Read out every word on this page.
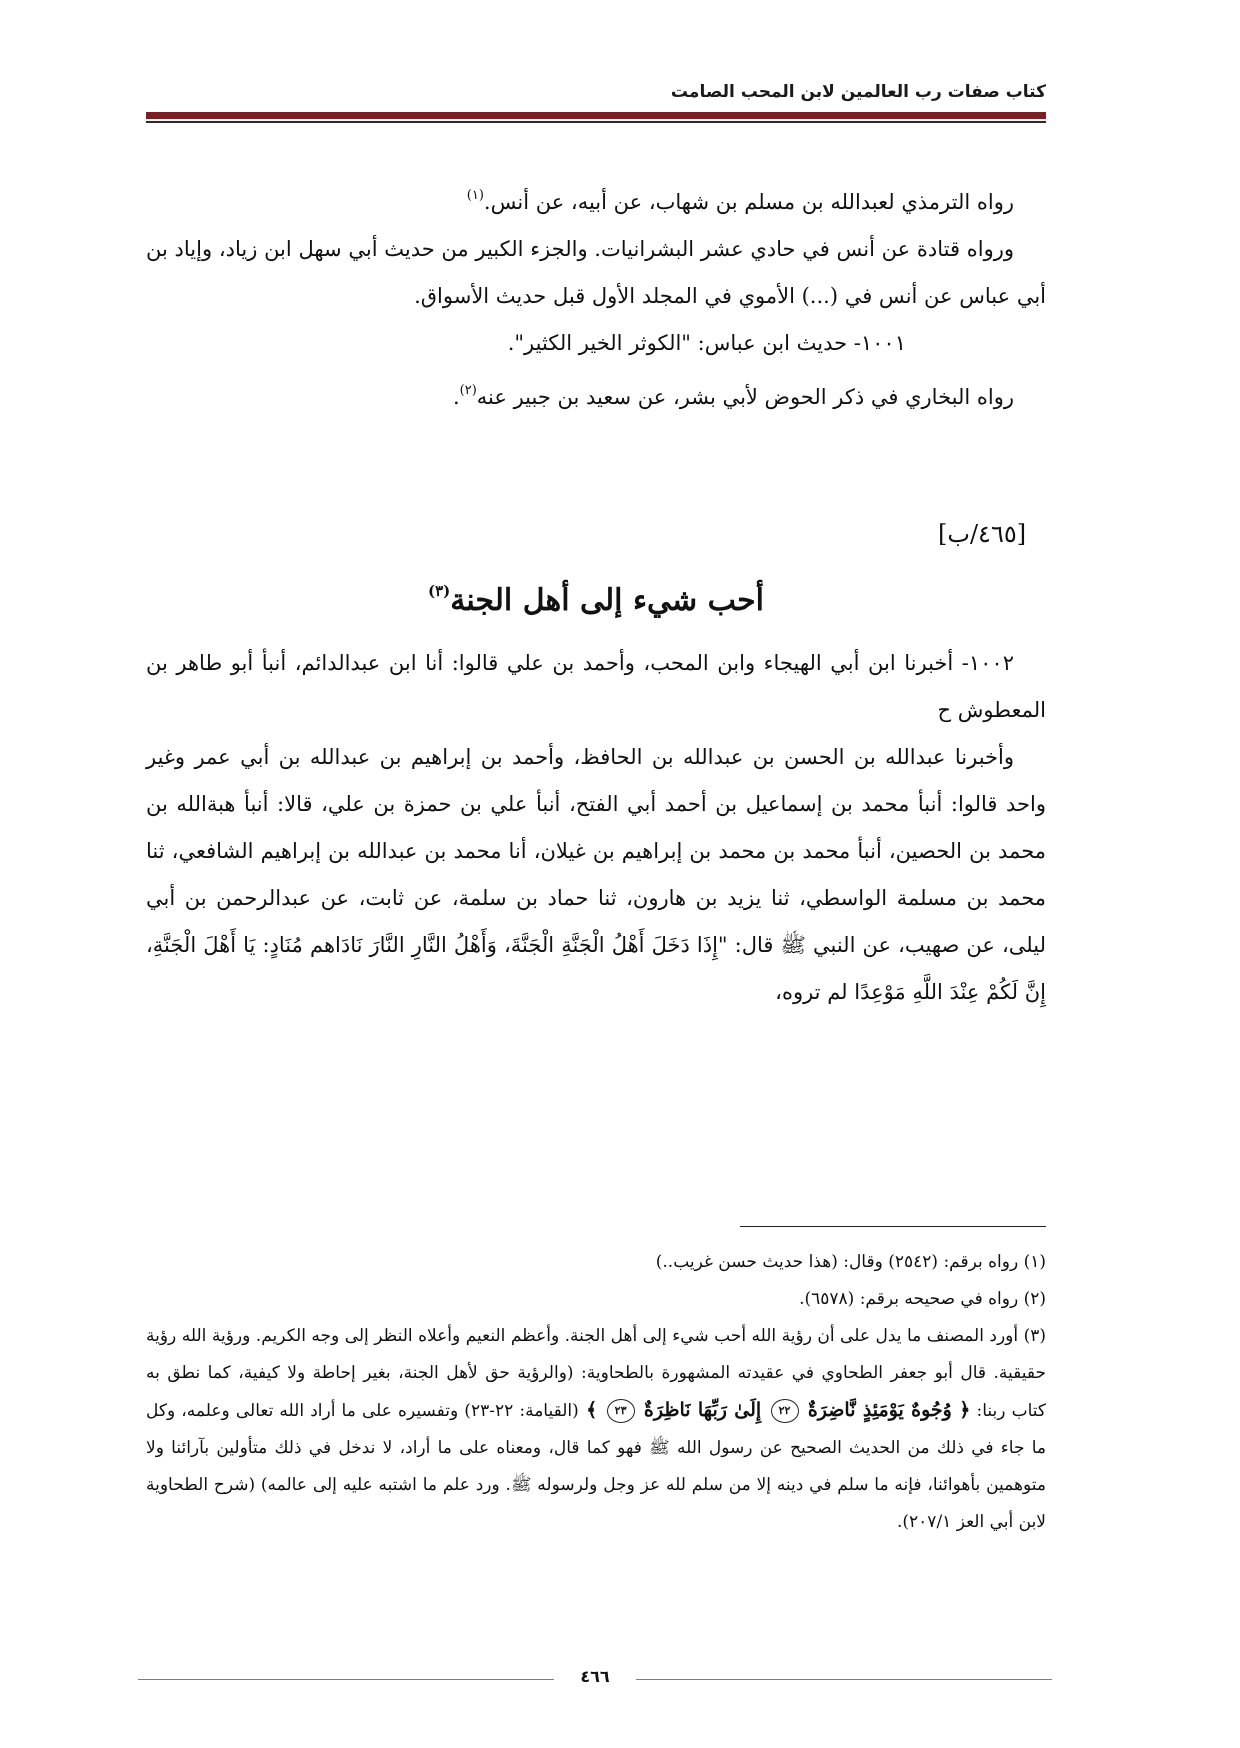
كتاب صفات رب العالمين لابن المحب الصامت

رواه الترمذي لعبدالله بن مسلم بن شهاب، عن أبيه، عن أنس.$^{(١)}$

ورواه قتادة عن أنس في حادي عشر البشرانيات. والجزء الكبير من حديث أبي سهل ابن زياد، وإياد بن أبي عباس عن أنس في (...) الأموي في المجلد الأول قبل حديث الأسواق.

١٠٠١- حديث ابن عباس: "الكوثر الخير الكثير".

رواه البخاري في ذكر الحوض لأبي بشر، عن سعيد بن جبير عنه$^{(٢)}$.

[٤٦٥/ب]
أحب شيء إلى أهل الجنة$^{(٣)}$

١٠٠٢- أخبرنا ابن أبي الهيجاء وابن المحب، وأحمد بن علي قالوا: أنا ابن عبدالدائم، أنبأ أبو طاهر بن المعطوش ح

وأخبرنا عبدالله بن الحسن بن عبدالله بن الحافظ، وأحمد بن إبراهيم بن عبدالله بن أبي عمر وغير واحد قالوا: أنبأ محمد بن إسماعيل بن أحمد أبي الفتح، أنبأ علي بن حمزة بن علي، قالا: أنبأ هبةالله بن محمد بن الحصين، أنبأ محمد بن محمد بن إبراهيم بن غيلان، أنا محمد بن عبدالله بن إبراهيم الشافعي، ثنا محمد بن مسلمة الواسطي، ثنا يزيد بن هارون، ثنا حماد بن سلمة، عن ثابت، عن عبدالرحمن بن أبي ليلى، عن صهيب، عن النبي ﷺ قال: "إِذَا دَخَلَ أَهْلُ الْجَنَّةِ الْجَنَّةَ، وَأَهْلُ النَّارِ النَّارَ نَادَاهم مُنَادٍ: يَا أَهْلَ الْجَنَّةِ، إِنَّ لَكُمْ عِنْدَ اللَّهِ مَوْعِدًا لم تروه،

(١) رواه برقم: (٢٥٤٢) وقال: (هذا حديث حسن غريب..)

(٢) رواه في صحيحه برقم: (٦٥٧٨).

(٣) أورد المصنف ما يدل على أن رؤية الله أحب شيء إلى أهل الجنة. وأعظم النعيم وأعلاه النظر إلى وجه الكريم. ورؤية الله رؤية حقيقية. قال أبو جعفر الطحاوي في عقيدته المشهورة بالطحاوية: (والرؤية حق لأهل الجنة، بغير إحاطة ولا كيفية، كما نطق به كتاب ربنا: ﴿ وُجُوهٌ يَوْمَئِذٍ نَّاضِرَةٌ ٢٢ إِلَىٰ رَبِّهَا نَاظِرَةٌ ٢٣ ﴾ (القيامة: ٢٢-٢٣) وتفسيره على ما أراد الله تعالى وعلمه، وكل ما جاء في ذلك من الحديث الصحيح عن رسول الله ﷺ فهو كما قال، ومعناه على ما أراد، لا ندخل في ذلك متأولين بآرائنا ولا متوهمين بأهوائنا، فإنه ما سلم في دينه إلا من سلم لله عز وجل ولرسوله ﷺ. ورد علم ما اشتبه عليه إلى عالمه) (شرح الطحاوية لابن أبي العز ٢٠٧/١).

٤٦٦
